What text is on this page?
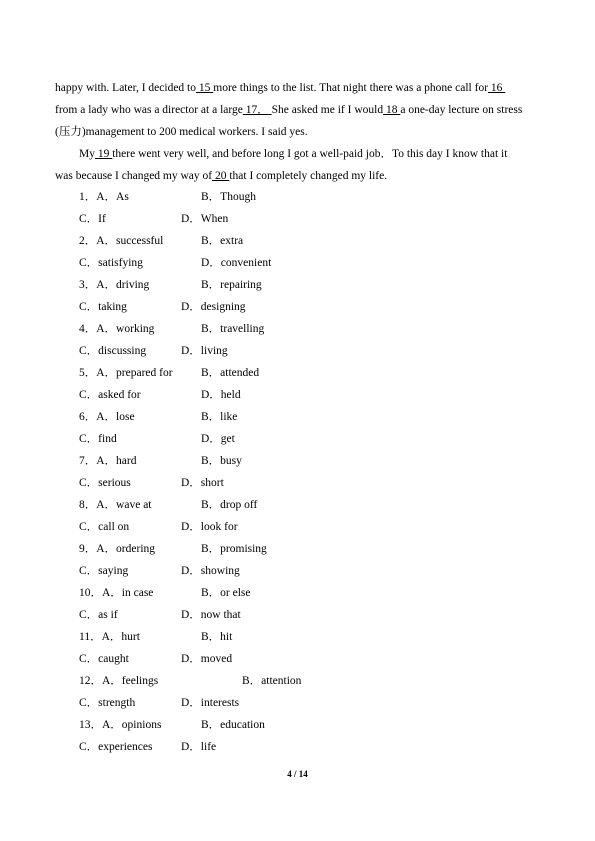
happy with. Later, I decided to 15 more things to the list. That night there was a phone call for 16
from a lady who was a director at a large 17． She asked me if I would 18 a one-day lecture on stress
(压力)management to 200 medical workers. I said yes.
My 19 there went very well, and before long I got a well-paid job．To this day I know that it
was because I changed my way of 20 that I completely changed my life.
1．A．As	B．Though
C．If	D．When
2．A．successful	B．extra
C．satisfying	D．convenient
3．A．driving	B．repairing
C．taking	D．designing
4．A．working	B．travelling
C．discussing	D．living
5．A．prepared for B．attended
C．asked for	D．held
6．A．lose	B．like
C．find	D．get
7．A．hard	B．busy
C．serious	D．short
8．A．wave at	B．drop off
C．call on	D．look for
9．A．ordering	B．promising
C．saying	D．showing
10．A．in case	B．or else
C．as if	D．now that
11．A．hurt	B．hit
C．caught	D．moved
12．A．feelings	B．attention
C．strength	D．interests
13．A．opinions	B．education
C．experiences D．life
4 / 14
